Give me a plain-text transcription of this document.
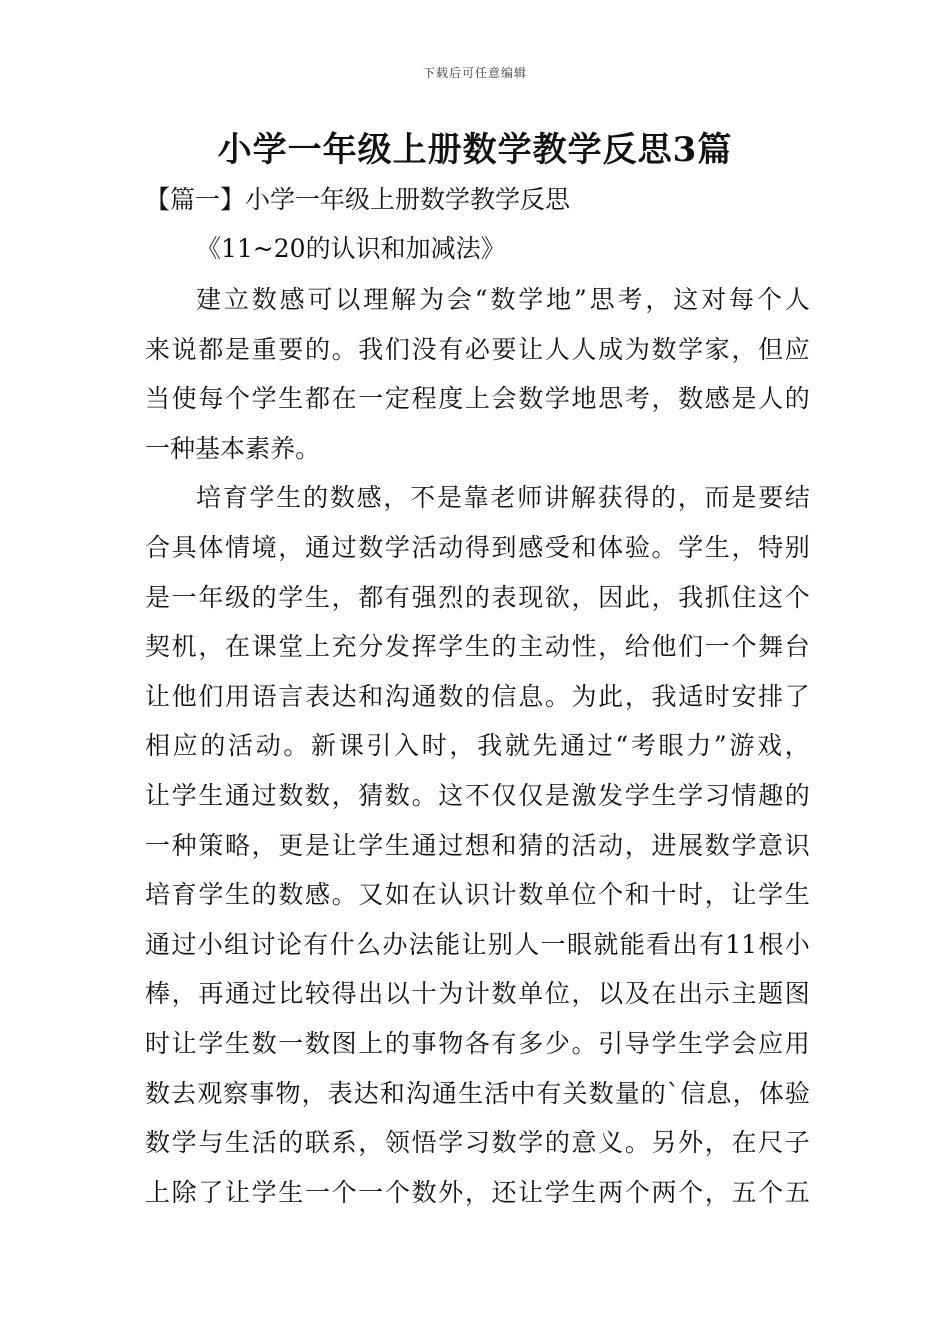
下载后可任意编辑
小学一年级上册数学教学反思3篇
【篇一】小学一年级上册数学教学反思
《11~20的认识和加减法》
建 立 数 感 可 以 理 解 为 会 “ 数 学 地 ” 思 考 ， 这 对 每 个 人
来 说 都 是 重 要 的 。 我 们 没 有 必 要 让 人 人 成 为 数 学 家 ， 但 应
当 使 每 个 学 生 都 在 一 定 程 度 上 会 数 学 地 思 考 ， 数 感 是 人 的
一 种 基 本 素 养 。
培 育 学 生 的 数 感 ， 不 是 靠 老 师 讲 解 获 得 的 ， 而 是 要 结
合 具 体 情 境 ， 通 过 数 学 活 动 得 到 感 受 和 体 验 。 学 生 ， 特 别
是 一 年 级 的 学 生 ， 都 有 强 烈 的 表 现 欲 ， 因 此 ， 我 抓 住 这 个
契 机 ， 在 课 堂 上 充 分 发 挥 学 生 的 主 动 性 ， 给 他 们 一 个 舞 台
让 他 们 用 语 言 表 达 和 沟 通 数 的 信 息 。 为 此 ， 我 适 时 安 排 了
相 应 的 活 动 。 新 课 引 入 时 ， 我 就 先 通 过 “ 考 眼 力 ” 游 戏 ，
让 学 生 通 过 数 数 ， 猜 数 。 这 不 仅 仅 是 激 发 学 生 学 习 情 趣 的
一 种 策 略 ， 更 是 让 学 生 通 过 想 和 猜 的 活 动 ， 进 展 数 学 意 识
培 育 学 生 的 数 感 。 又 如 在 认 识 计 数 单 位 个 和 十 时 ， 让 学 生
通 过 小 组 讨 论 有 什 么 办 法 能 让 别 人 一 眼 就 能 看 出 有 11 根 小
棒 ， 再 通 过 比 较 得 出 以 十 为 计 数 单 位 ， 以 及 在 出 示 主 题 图
时 让 学 生 数 一 数 图 上 的 事 物 各 有 多 少 。 引 导 学 生 学 会 应 用
数 去 观 察 事 物 ， 表 达 和 沟 通 生 活 中 有 关 数 量 的 ` 信 息 ， 体 验
数 学 与 生 活 的 联 系 ， 领 悟 学 习 数 学 的 意 义 。 另 外 ， 在 尺 子
上 除 了 让 学 生 一 个 一 个 数 外 ， 还 让 学 生 两 个 两 个 ， 五 个 五
